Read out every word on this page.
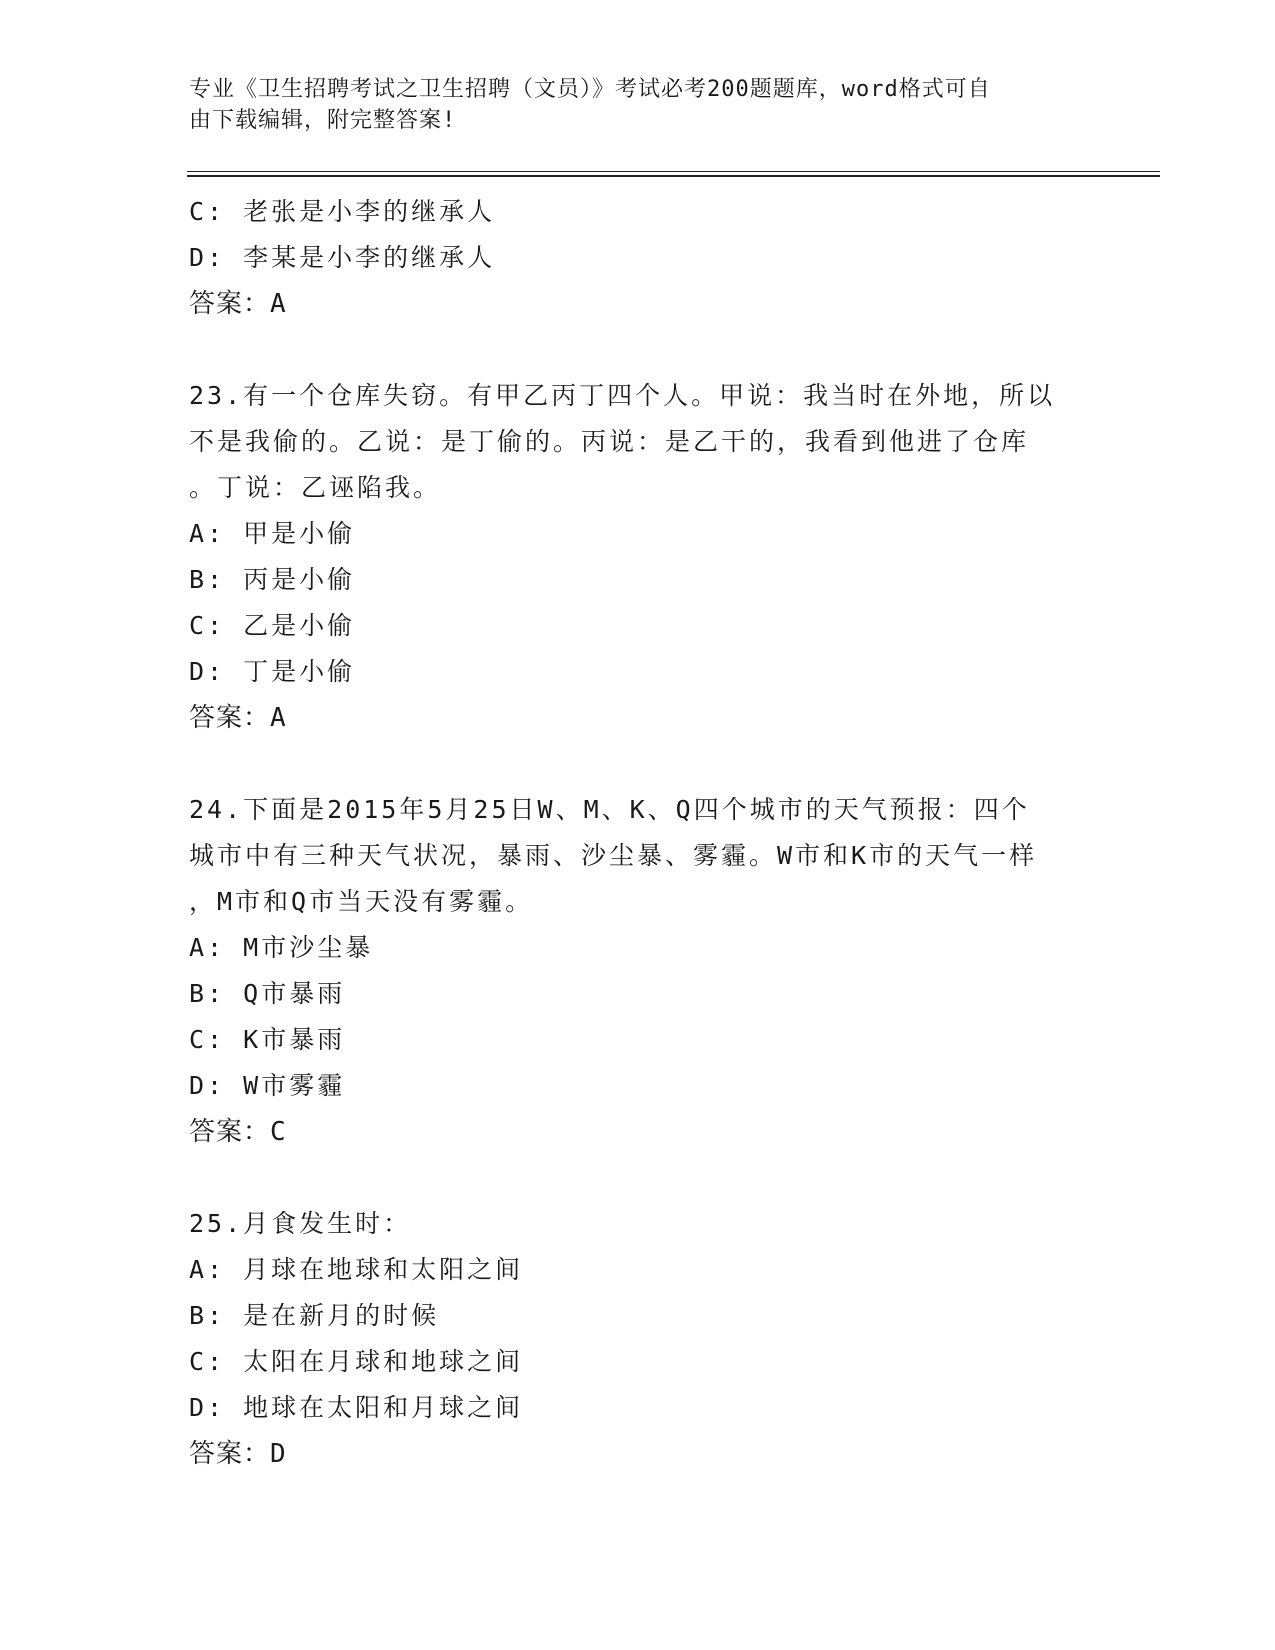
专业《卫生招聘考试之卫生招聘（文员）》考试必考200题题库，word格式可自
由下载编辑，附完整答案!
C: 老张是小李的继承人
D: 李某是小李的继承人
答案：A
23.有一个仓库失窃。有甲乙丙丁四个人。甲说：我当时在外地，所以
不是我偷的。乙说：是丁偷的。丙说：是乙干的，我看到他进了仓库
。丁说：乙诬陷我。
A: 甲是小偷
B: 丙是小偷
C: 乙是小偷
D: 丁是小偷
答案：A
24.下面是2015年5月25日W、M、K、Q四个城市的天气预报：四个
城市中有三种天气状况，暴雨、沙尘暴、雾霾。W市和K市的天气一样
，M市和Q市当天没有雾霾。
A: M市沙尘暴
B: Q市暴雨
C: K市暴雨
D: W市雾霾
答案：C
25.月食发生时：
A: 月球在地球和太阳之间
B: 是在新月的时候
C: 太阳在月球和地球之间
D: 地球在太阳和月球之间
答案：D
